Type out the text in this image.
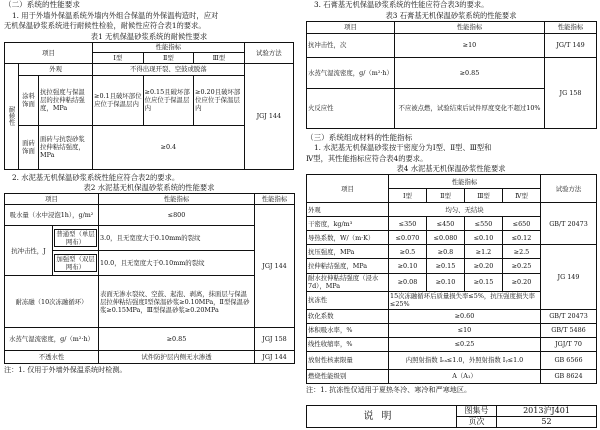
（二）系统的性能要求

1. 用于外墙外保温系统外墙内外组合保温的外保温构造时，应对

无机保温砂浆系统进行耐候性检验，耐候性应符合表1的要求。

表1 无机保温砂浆系统的耐候性要求

项目			性能指标			试验方法
			Ⅰ型	Ⅱ型	Ⅲ型	
耐候性	外观		不得出现开裂、空鼓或脱落			JGJ 144
	涂料饰面	抗拉强度与保温层的拉伸粘结强度，MPa	≥0.1且破坏部位应位于保温层内	≥0.15且破坏部位应位于保温层内	≥0.20且破坏部位应位于保温层内	
	面砖饰面	面砖与抗裂砂浆拉伸粘结强度，MPa	≥0.4			

2. 水泥基无机保温砂浆系统性能应符合表2的要求。

表2 水泥基无机保温砂浆系统的性能要求

项目		性能指标	性能指标
吸水量（水中浸泡1h），g/m²		≤800	JGJ 144
抗冲击性，J	普通型（单层网布）	3.0，且无宽度大于0.10mm的裂纹	
	加强型（双层网布）	10.0，且无宽度大于0.10mm的裂纹	
耐冻融（10次冻融循环）		表面无渗水裂纹、空鼓、起泡、剥离，抹面层与保温层拉伸粘结强度Ⅰ型保温砂浆≥0.10MPa，Ⅱ型保温砂浆≥0.15MPa，Ⅲ型保温砂浆≥0.20MPa	
水蒸气湿流密度，g/（m²·h）		≥0.85	JGJ 158
不透水性		试件防护层内侧无水渗透	JGJ 144

注：1. 仅用于外墙外保温系统时检测。

3. 石膏基无机保温砂浆系统的性能应符合表3的要求。

表3 石膏基无机保温砂浆系统的性能要求

项目	性能指标	性能指标
抗冲击性，次	≥10	JG/T 149
水蒸气湿流密度，g/（m²·h）	≥0.85	JG 158
火反应性	不应被点燃，试验结束后试件厚度变化不超过10%	

（三）系统组成材料的性能指标

1. 水泥基无机保温砂浆按干密度分为Ⅰ型、Ⅱ型、Ⅲ型和

Ⅳ型，其性能指标应符合表4的要求。

表4 水泥基无机保温砂浆性能要求

项目	性能指标				试验方法
	Ⅰ型	Ⅱ型	Ⅲ型	Ⅳ型	
外观	均匀、无结块				GB/T 20473
干密度，kg/m³	≤350	≤450	≤550	≤650	
导热系数，W/（m·K）	≤0.070	≤0.080	≤0.10	≤0.12	
抗压强度，MPa	≥0.5	≥0.8	≥1.2	≥2.5	JG 149
拉伸粘结强度，MPa	≥0.10	≥0.15	≥0.20	≥0.25	
耐水拉伸粘结强度（浸水7d），MPa	≥0.08	≥0.10	≥0.15	≥0.20	
抗冻性	15次冻融循环后质量损失率≤5%，抗压强度损失率≤25%				
软化系数	≥0.60				GB/T 20473
体积吸水率，%	≤10				GB/T 5486
线性收缩率，%	≤0.25				JGJ/T 70
放射性核素限量	内照射指数 Iᵣₐ≤1.0，外照射指数 Iᵧ≤1.0				GB 6566
燃烧性能级别	A（A₁）				GB 8624

注：1. 抗冻性仅适用于夏热冬冷、寒冷和严寒地区。

说明	图集号	2013沪J401
	页次	52
